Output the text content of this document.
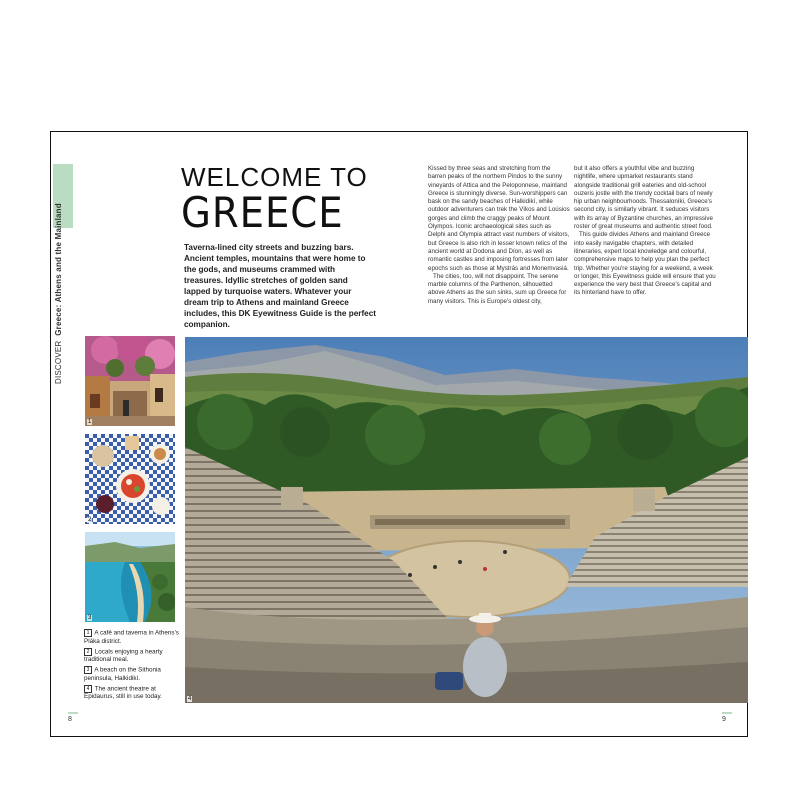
DISCOVER  Greece: Athens and the Mainland
WELCOME TO
GREECE
Taverna-lined city streets and buzzing bars. Ancient temples, mountains that were home to the gods, and museums crammed with treasures. Idyllic stretches of golden sand lapped by turquoise waters. Whatever your dream trip to Athens and mainland Greece includes, this DK Eyewitness Guide is the perfect companion.

Kissed by three seas and stretching from the barren peaks of the northern Pindos to the sunny vineyards of Attica and the Peloponnese, mainland Greece is stunningly diverse. Sun-worshippers can bask on the sandy beaches of Halkidikí, while outdoor adventurers can trek the Víkos and Loúsios gorges and climb the craggy peaks of Mount Olympos. Iconic archaeological sites such as Delphi and Olympia attract vast numbers of visitors, but Greece is also rich in lesser known relics of the ancient world at Dodona and Díon, as well as romantic castles and imposing fortresses from later epochs such as those at Mystrás and Monemvasiá.

The cities, too, will not disappoint. The serene marble columns of the Parthenon, silhouetted above Athens as the sun sinks, sum up Greece for many visitors. This is Europe's oldest city,

but it also offers a youthful vibe and buzzing nightlife, where upmarket restaurants stand alongside traditional grill eateries and old-school ouzeris jostle with the trendy cocktail bars of newly hip urban neighbourhoods. Thessaloníki, Greece's second city, is similarly vibrant. It seduces visitors with its array of Byzantine churches, an impressive roster of great museums and authentic street food.

This guide divides Athens and mainland Greece into easily navigable chapters, with detailed itineraries, expert local knowledge and colourful, comprehensive maps to help you plan the perfect trip. Whether you're staying for a weekend, a week or longer, this Eyewitness guide will ensure that you experience the very best that Greece's capital and its hinterland have to offer.

1
2
3
1 A café and taverna in Athens's Pláka district.
2 Locals enjoying a hearty traditional meal.
3 A beach on the Sithonia peninsula, Halkidikí.
4 The ancient theatre at Epidaurus, still in use today.	4
8	9
